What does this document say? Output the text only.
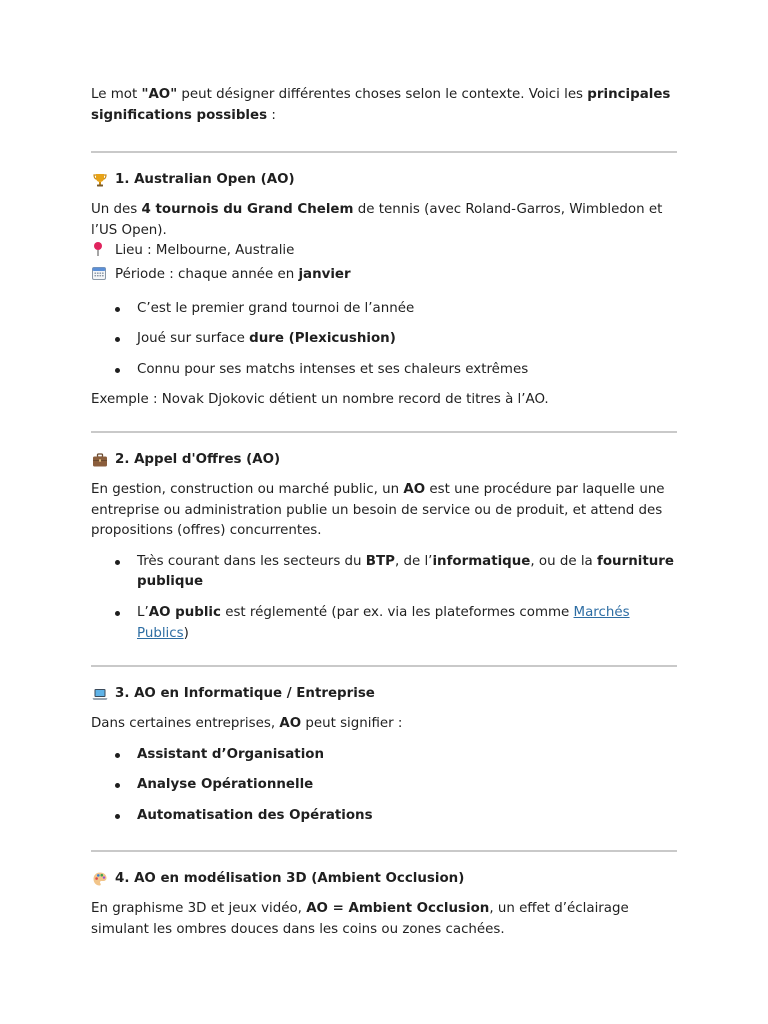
Le mot "AO" peut désigner différentes choses selon le contexte. Voici les principales significations possibles :

1. Australian Open (AO)

Un des 4 tournois du Grand Chelem de tennis (avec Roland-Garros, Wimbledon et l’US Open).

Lieu : Melbourne, Australie

Période : chaque année en janvier

C’est le premier grand tournoi de l’année
Joué sur surface dure (Plexicushion)
Connu pour ses matchs intenses et ses chaleurs extrêmes

Exemple : Novak Djokovic détient un nombre record de titres à l’AO.

2. Appel d'Offres (AO)

En gestion, construction ou marché public, un AO est une procédure par laquelle une entreprise ou administration publie un besoin de service ou de produit, et attend des propositions (offres) concurrentes.

Très courant dans les secteurs du BTP, de l’informatique, ou de la fourniture publique
L’AO public est réglementé (par ex. via les plateformes comme Marchés Publics)
3. AO en Informatique / Entreprise

Dans certaines entreprises, AO peut signifier :

Assistant d’Organisation
Analyse Opérationnelle
Automatisation des Opérations
4. AO en modélisation 3D (Ambient Occlusion)

En graphisme 3D et jeux vidéo, AO = Ambient Occlusion, un effet d’éclairage simulant les ombres douces dans les coins ou zones cachées.
